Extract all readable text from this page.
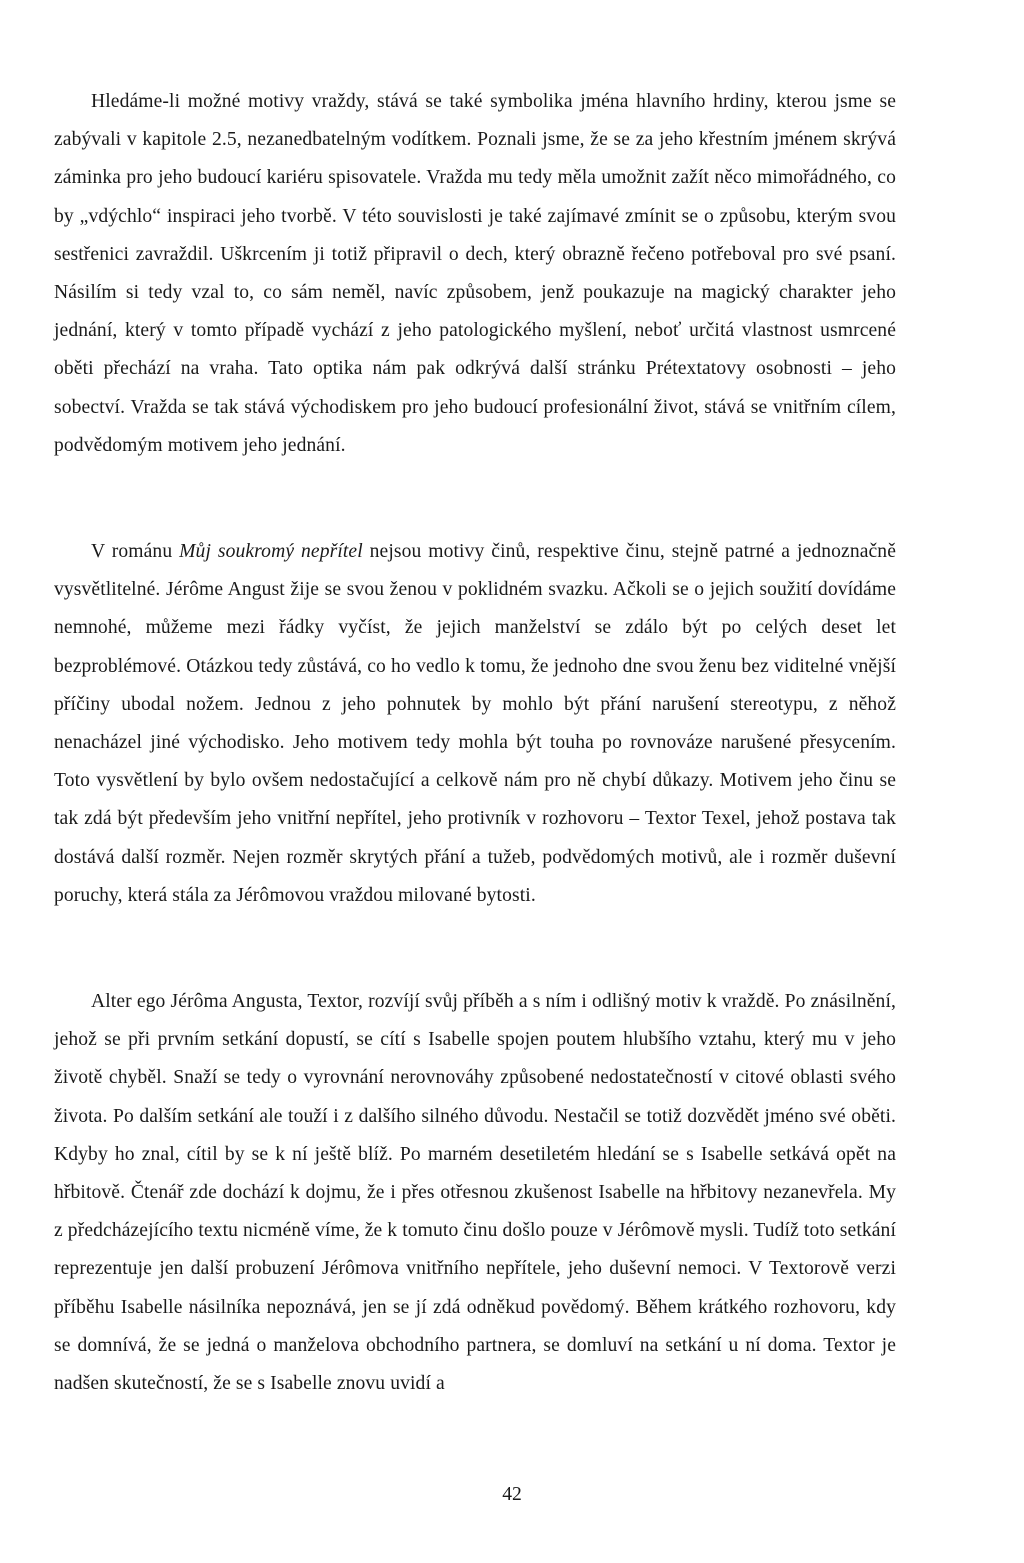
Hledáme-li možné motivy vraždy, stává se také symbolika jména hlavního hrdiny, kterou jsme se zabývali v kapitole 2.5, nezanedbatelným vodítkem. Poznali jsme, že se za jeho křestním jménem skrývá záminka pro jeho budoucí kariéru spisovatele. Vražda mu tedy měla umožnit zažít něco mimořádného, co by „vdýchlo“ inspiraci jeho tvorbě. V této souvislosti je také zajímavé zmínit se o způsobu, kterým svou sestřenici zavraždil. Uškrcením ji totiž připravil o dech, který obrazně řečeno potřeboval pro své psaní. Násilím si tedy vzal to, co sám neměl, navíc způsobem, jenž poukazuje na magický charakter jeho jednání, který v tomto případě vychází z jeho patologického myšlení, neboť určitá vlastnost usmrcené oběti přechází na vraha. Tato optika nám pak odkrývá další stránku Prétextatovy osobnosti – jeho sobectví. Vražda se tak stává východiskem pro jeho budoucí profesionální život, stává se vnitřním cílem, podvědomým motivem jeho jednání.

V románu Můj soukromý nepřítel nejsou motivy činů, respektive činu, stejně patrné a jednoznačně vysvětlitelné. Jérôme Angust žije se svou ženou v poklidném svazku. Ačkoli se o jejich soužití dovídáme nemnohé, můžeme mezi řádky vyčíst, že jejich manželství se zdálo být po celých deset let bezproblémové. Otázkou tedy zůstává, co ho vedlo k tomu, že jednoho dne svou ženu bez viditelné vnější příčiny ubodal nožem. Jednou z jeho pohnutek by mohlo být přání narušení stereotypu, z něhož nenacházel jiné východisko. Jeho motivem tedy mohla být touha po rovnováze narušené přesycením. Toto vysvětlení by bylo ovšem nedostačující a celkově nám pro ně chybí důkazy. Motivem jeho činu se tak zdá být především jeho vnitřní nepřítel, jeho protivník v rozhovoru – Textor Texel, jehož postava tak dostává další rozměr. Nejen rozměr skrytých přání a tužeb, podvědomých motivů, ale i rozměr duševní poruchy, která stála za Jérômovou vraždou milované bytosti.

Alter ego Jérôma Angusta, Textor, rozvíjí svůj příběh a s ním i odlišný motiv k vraždě. Po znásilnění, jehož se při prvním setkání dopustí, se cítí s Isabelle spojen poutem hlubšího vztahu, který mu v jeho životě chyběl. Snaží se tedy o vyrovnání nerovnováhy způsobené nedostatečností v citové oblasti svého života. Po dalším setkání ale touží i z dalšího silného důvodu. Nestačil se totiž dozvědět jméno své oběti. Kdyby ho znal, cítil by se k ní ještě blíž. Po marném desetiletém hledání se s Isabelle setkává opět na hřbitově. Čtenář zde dochází k dojmu, že i přes otřesnou zkušenost Isabelle na hřbitovy nezanevřela. My z předcházejícího textu nicméně víme, že k tomuto činu došlo pouze v Jérômově mysli. Tudíž toto setkání reprezentuje jen další probuzení Jérômova vnitřního nepřítele, jeho duševní nemoci. V Textorově verzi příběhu Isabelle násilníka nepoznává, jen se jí zdá odněkud povědomý. Během krátkého rozhovoru, kdy se domnívá, že se jedná o manželova obchodního partnera, se domluví na setkání u ní doma. Textor je nadšen skutečností, že se s Isabelle znovu uvidí a

42
